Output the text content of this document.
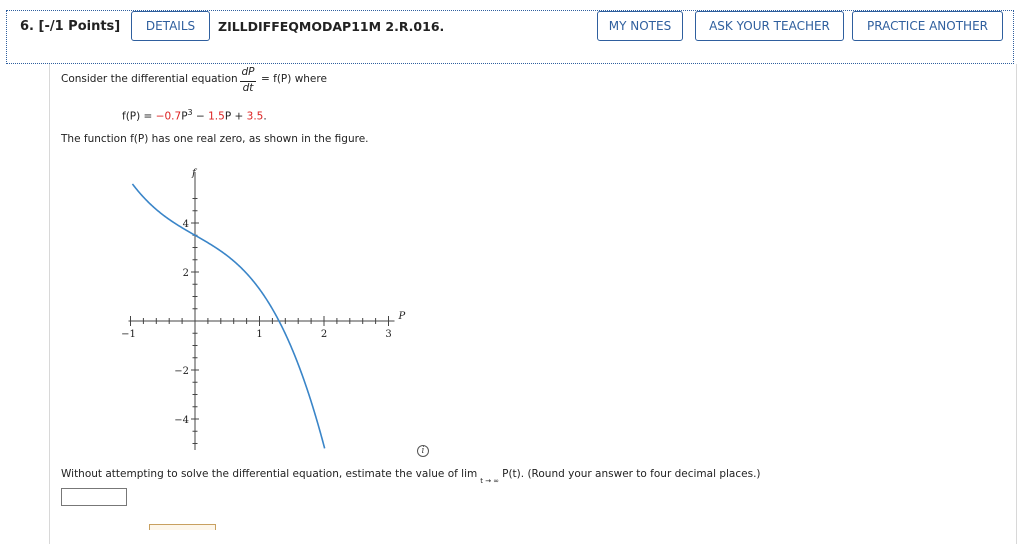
6. [-/1 Points]	DETAILS	ZILLDIFFEQMODAP11M 2.R.016.	MY NOTES	ASK YOUR TEACHER	PRACTICE ANOTHER
Consider the differential equation
dP
dt
= f(P) where
$f(P) = -0.7P^3 - 1.5P + 3.5$.
The function f(P) has one real zero, as shown in the figure.
−1	1	2	3
4
2
−2
−4
P
f
i
Without attempting to solve the differential equation, estimate the value of $\lim_{t \to \infty}P(t)$. (Round your answer to four decimal places.)
